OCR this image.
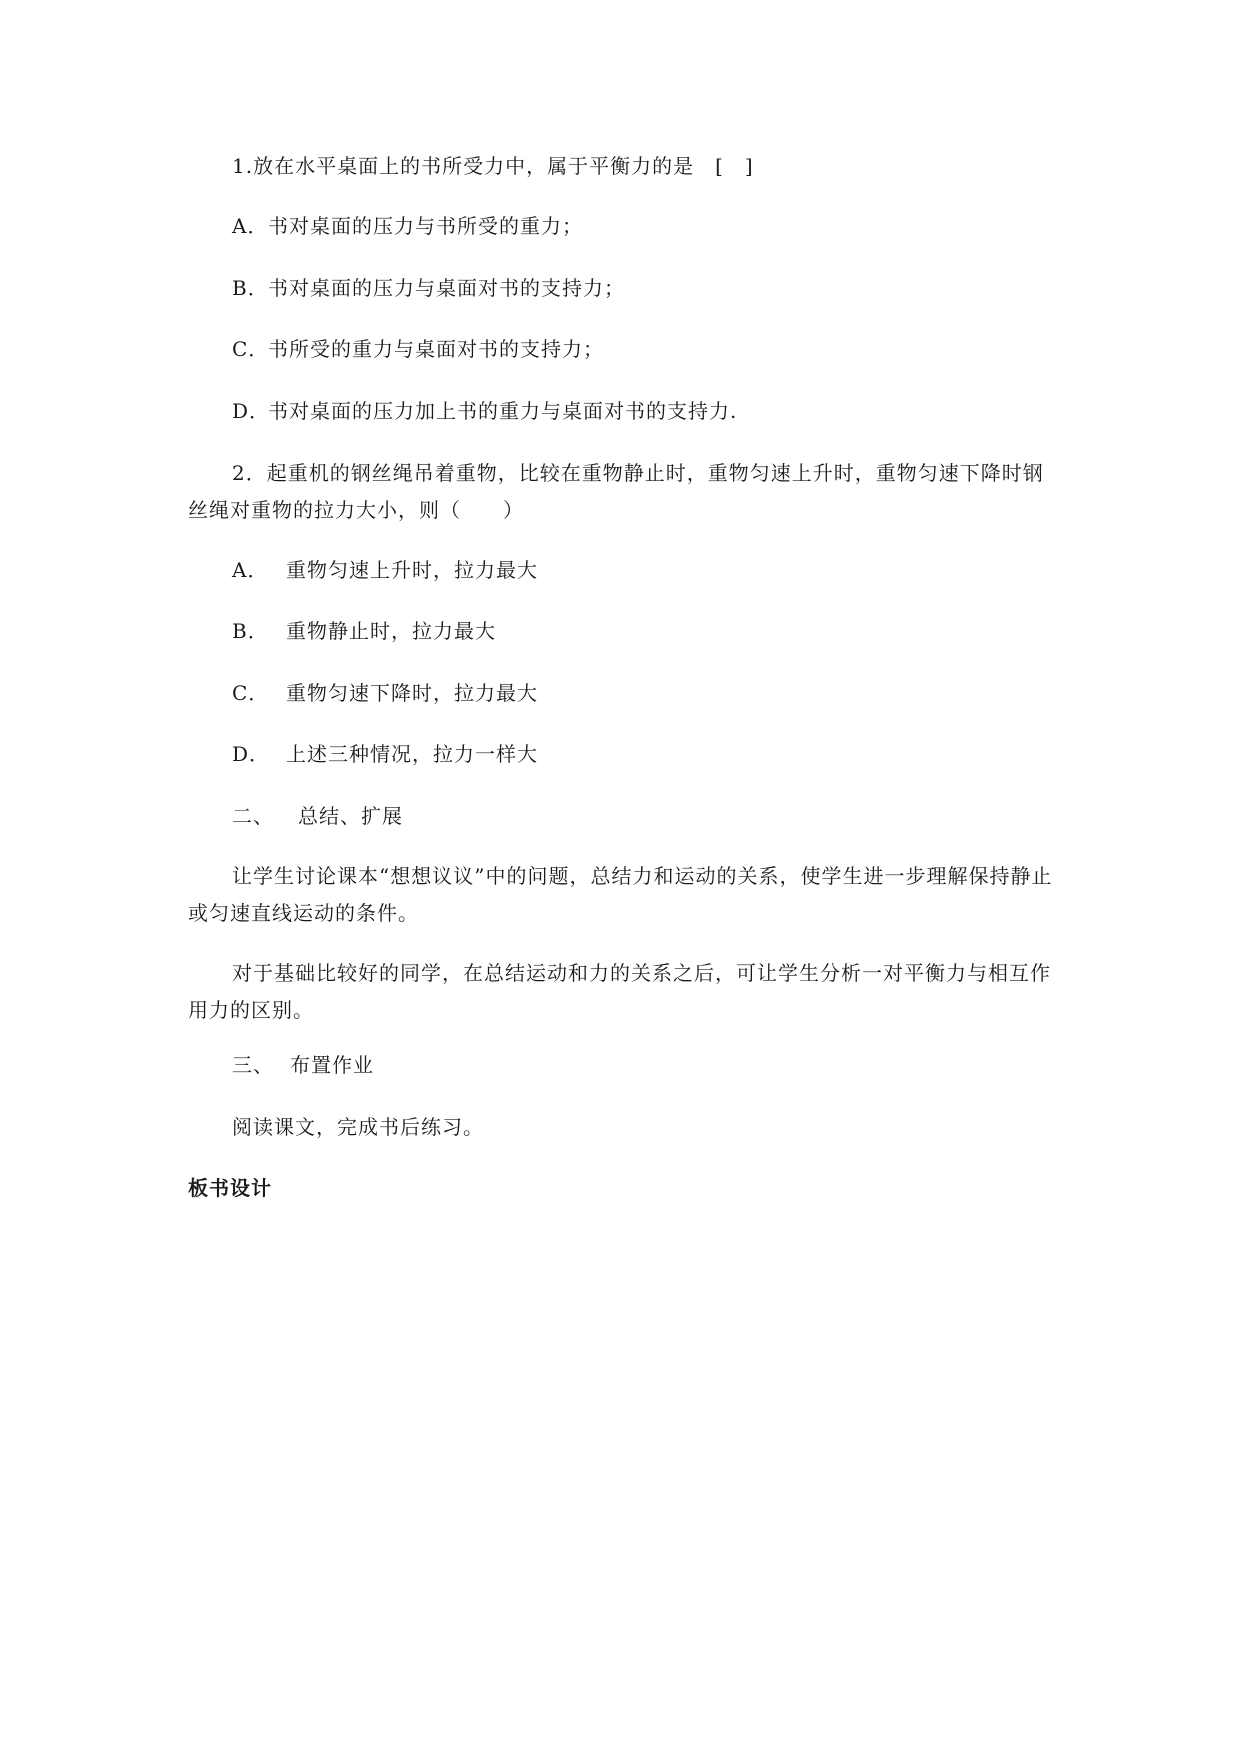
1.放在水平桌面上的书所受力中，属于平衡力的是　[　]
A．书对桌面的压力与书所受的重力；
B．书对桌面的压力与桌面对书的支持力；
C．书所受的重力与桌面对书的支持力；
D．书对桌面的压力加上书的重力与桌面对书的支持力.
2．起重机的钢丝绳吊着重物，比较在重物静止时，重物匀速上升时，重物匀速下降时钢丝绳对重物的拉力大小，则（　　）
A． 重物匀速上升时，拉力最大
B． 重物静止时，拉力最大
C． 重物匀速下降时，拉力最大
D． 上述三种情况，拉力一样大
二、 总结、扩展
让学生讨论课本“想想议议”中的问题，总结力和运动的关系，使学生进一步理解保持静止或匀速直线运动的条件。
对于基础比较好的同学，在总结运动和力的关系之后，可让学生分析一对平衡力与相互作用力的区别。
三、 布置作业
阅读课文，完成书后练习。
板书设计
